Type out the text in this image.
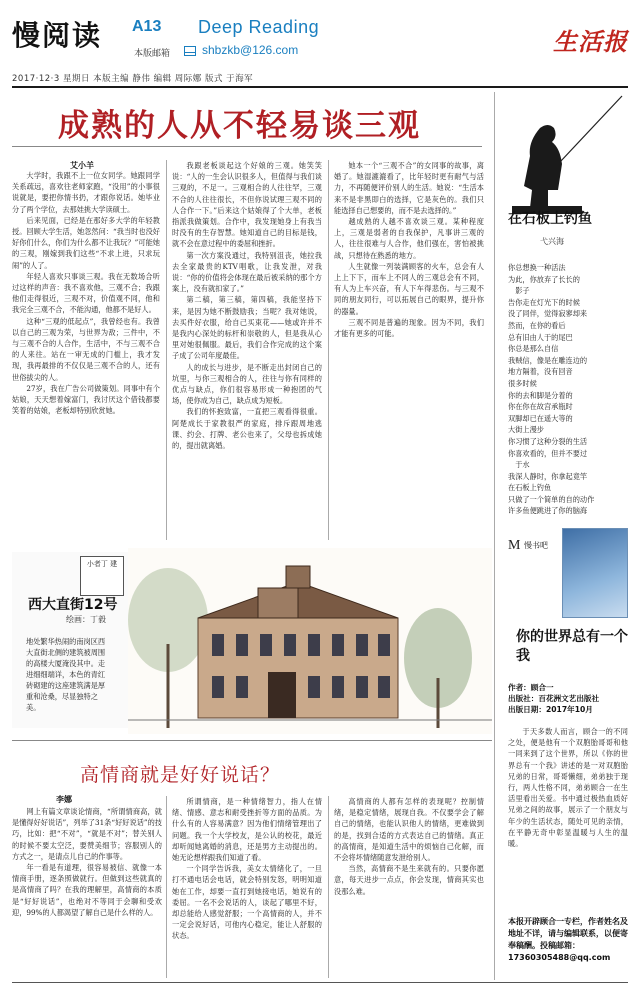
慢阅读 A13 Deep Reading
本版邮箱	shbzkb@126.com	生活报
2017·12·3 星期日 本版主编 静伟 编辑 周际娜 版式 于海军
成熟的人从不轻易谈三观
艾小羊

大学时，我跟不上一位女同学。她跟同学关系疏远，喜欢往老师家跑，“没用”的小事很说就是，要把你情书扔，才跟你说话。她毕业分了两个学位，去那娃挑大学读硕士。

后来见面，已经是在那好多大学的年轻教授。回顾大学生活，她忽然问：“我当时也没好好你们什么，你们为什么都不让我玩？”可能她的三观，刚嫁到我们这些“不求上进，只求玩闹”的人了。

年轻人喜欢只事谈三观。我在无数场合听过这样的声音：我不喜欢他，三观不合；我跟他们走得很近，三观不对，价值观不同，他和我完全三观不合，不能沟通，他都不是好人。

这种“三观的低起点”，我曾经也有。我曾以自己的三观为荣，与世界为敌；三件中，不与三观不合的人合作，生活中，不与三观不合的人来往。站在一审无成的门槛上，我才发现，我再最排的不仅仅是三观不合的人，还有世俗拔尖的人。

27岁，我在广告公司做策划。同事中有个姑娘，天天想着嫁富门，我讨厌这个借钱都要笑着的姑娘，老板却特别欣赏她。

我跟老板谈起这个好娘的三观。她笑笑说：“人的一生会认识很多人，但值得与我们谈三观的，不足一。三观相合的人往往罕，三观不合的人往往很长，不但你说试理三观不同的人合作一下。”后来这个姑娘得了个大单，老板指派我做策划。合作中，我发现她身上有我当时没有的生存智慧。她知道自己的目标是钱，就不会在意过程中的委屈和挫折。

第一次方案没通过，我特别沮丧，她拉我去全家最贵的KTV唱歌，让我发泄，对我说：“你的价值将会体现在最后被采纳的那个方案上，没有就扣家了。”

第二稿，第三稿，第四稿，我能坚持下来，是因为她不断鼓励我；当呢？我对她说，去买件好衣服，给自己买束花——她或许并不是我内心深处的标杆和崇敬的人，但是我从心里对她很佩服。最后，我们合作完成的这个案子成了公司年度最佳。

人的成长与进步，是不断走出封闭自己的坑里，与你三观相合的人，往往与你有同样的优点与缺点，你们很容易形成一种抱团的气场，使你成为自己，缺点成为短板。

我们的怀抱致富，一直把三观看得很重。阿楚成长于家教很严的家庭，排斥跟周地逃课、约会、打牌、老公也来了，父母也拆成她的，提出就离婚。

她本一个“三观不合”的女同事的故事，离婚了。她湿漉漉看了，比年轻时更有耐气与活力，不再随便评价别人的生活。她说：“生活本来不是非黑即白的选择，它是灰色的。我们只能选择自己想要的，而不是去选择的。”

越成熟的人越不喜欢谈三观。某种程度上，三观是弱者的自我保护，凡事讲三观的人，往往很难与人合作，他们强在，害怕被挑战，只想待在熟悉的地方。

人生就像一列装满顾客的火车，总会有人上上下下，而车上不同人的三观总会有不同，有人为上车兴奋，有人下车得悲伤。与三观不同的朋友同行，可以拓展自己的眼界，提升你的器量。

三观不同是普遍的现象。因为不同，我们才能有更多的可能。

在石板上钓鱼
弋兴海
你总想换一种活法
为此，你放弃了长长的
影子
告你走在灯光下的时候
没了同伴，觉得寂寥却来
然而，在你的看后
总有旧由人于的尾巴
你总是那么自信
我贼信，像是在雕连边的
地方隔着，没有回音
很多时候
你的去和脚是分着的
你在你在故宫承瓶时
双脚却已在遥大等的
大街上漫步
你习惯了这种分裂的生活
你喜欢看的，但并不要过
于水
我深人静时，你拿起竟竿
在石板上钓鱼
只做了一个简单的自的动作
许多鱼便跳进了你的脑海
小者丁 建
西大直街12号
绘画：丁毅
地处繁华热闹的南岗区西大直街北侧的建筑被周围的高楼大厦淹没其中。走进细细端详，本色的青红砖砌建的这座建筑满是厚重和沧桑，尽显独特之美。
M 慢书吧
你的世界总有一个我
作者：顾合一
出版社：百花洲文艺出版社
出版日期：2017年10月

于天多数人而言，顾合一的不同之处，便是他有一个双胞胎哥哥和他一同来到了这个世界，所以《你的世界总有一个我》讲述的是一对双胞胎兄弟的日常，哥哥懒细，弟弟独于现行，两人性格不同，弟弟顾合一在生活里看出关爱。书中通过极热血质好兄弟之间的故事，展示了一个朋友与年少的生活状态，随处可见的亲情，在平静无奇中彰显温暖与人生的温暖。

高情商就是好好说话？
李娜

网上有篇文章谈论情商，“所谓情商高，就是懂得好好说话”，列举了31条“好好说话”的技巧，比如：把“不对”，“就是不对”；替关别人的时候不要太空泛，要赞美细节；容服别人的方式之一，是请点儿自己的作事等。

年一看是有道理，很容易被信、就像一本情商手册，逐条照做就行。但做到这些就真的是高情商了吗？在我的理解里，高情商的本质是“好好说话”，也绝对不等同于会聊和受欢迎，99%的人都渴望了解自己是什么样的人。

所谓情商，是一种情绪智力，指人在情绪、情感、意志和耐受挫折等方面的品质。为什么有的人容易满意？因为他们情绪管理出了问题。我一个大学校友，是公认的校花，最近却听闻她离婚的消息，还是男方主动提出的。她无论想样跟我们知道了看。

一个同学告诉我，美女太情绪化了，一旦打不通电话会电话，就会特别发怒，明明知道她在工作，却要一直打到她接电话，她说有的委屈。一名不会说话的人，谈起了哪里不好，却总能给人感觉舒服；一个高情商的人，并不一定会说好话，可他内心稳定，能让人舒服的状态。

高情商的人都有怎样的表现呢？控制情绪，是稳定情绪，展现自我。不仅要学会了解自己的情绪，也能认识他人的情绪，更难做到的是，找到合适的方式表达自己的情绪。真正的高情商，是知道生活中的烦恼自己化解，而不会将坏情绪随意发泄给别人。

当然，高情商不是生来就有的。只要你愿意，每天进步一点点，你会发现，情商其实也没那么难。

本报开辟顾合一专栏，作者姓名及地址不详，请与编辑联系，以便寄奉稿酬。投稿邮箱：17360305488@qq.com
